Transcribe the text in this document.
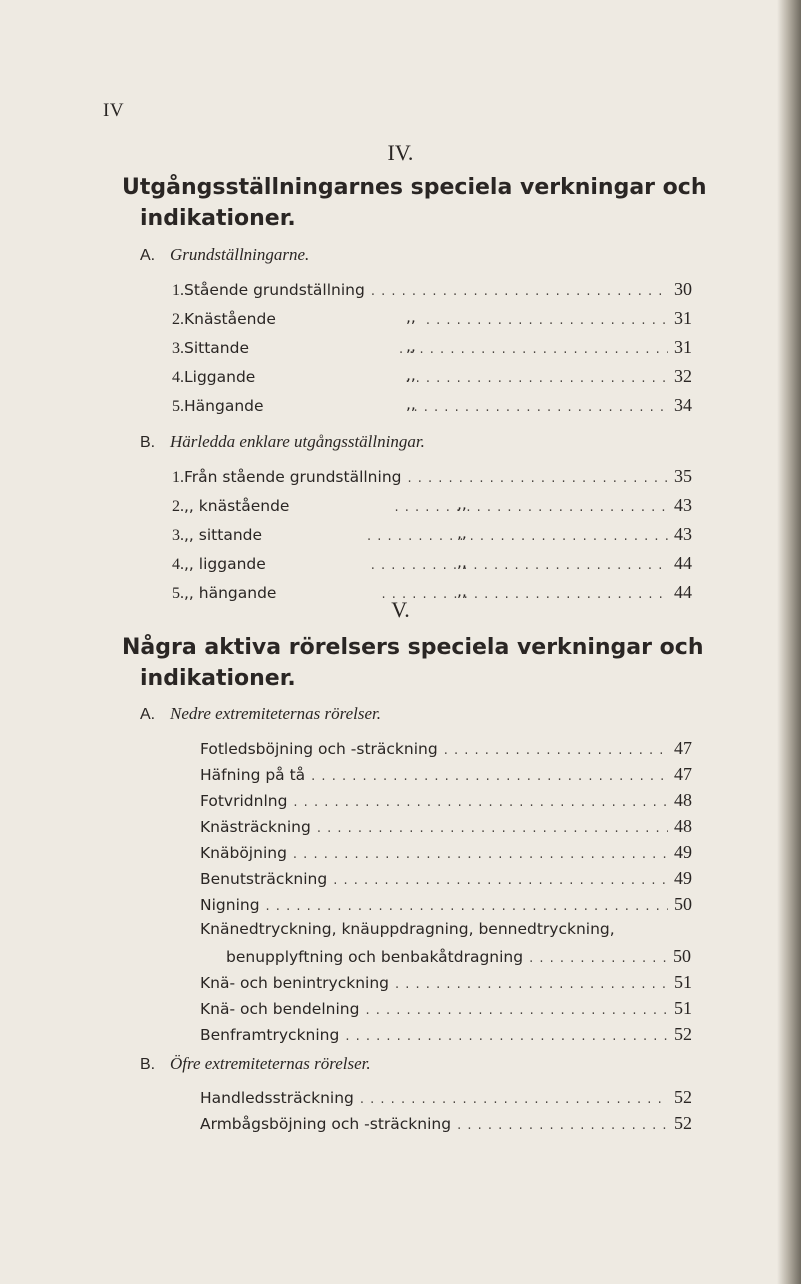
IV
IV.
Utgångsställningarnes speciela verkningar och
indikationer.
A. Grundställningarne.
1. Stående grundställning . . .	30
2. Knästående	,, . . .	31
3. Sittande	,, . . .	31
4. Liggande	,, . . .	32
5. Hängande	,, . . .	34
B. Härledda enklare utgångsställningar.
1. Från stående grundställning . . .	35
2. ,, knästående	,, . . .	43
3. ,, sittande	,, . . .	43
4. ,, liggande	,, . . .	44
5. ,, hängande	,, . . .	44
V.
Några aktiva rörelsers speciela verkningar och
indikationer.
A. Nedre extremiteternas rörelser.
Fotledsböjning och -sträckning . . .	47
Häfning på tå . . .	47
Fotvridnlng . . .	48
Knästräckning . . .	48
Knäböjning . . .	49
Benutsträckning . . .	49
Nigning . . .	50
Knänedtryckning, knäuppdragning, bennedtryckning,
benupplyftning och benbakåtdragning . . .	50
Knä- och benintryckning . . .	51
Knä- och bendelning . . .	51
Benframtryckning . . .	52
B. Öfre extremiteternas rörelser.
Handledssträckning . . .	52
Armbågsböjning och -sträckning . . .	52
